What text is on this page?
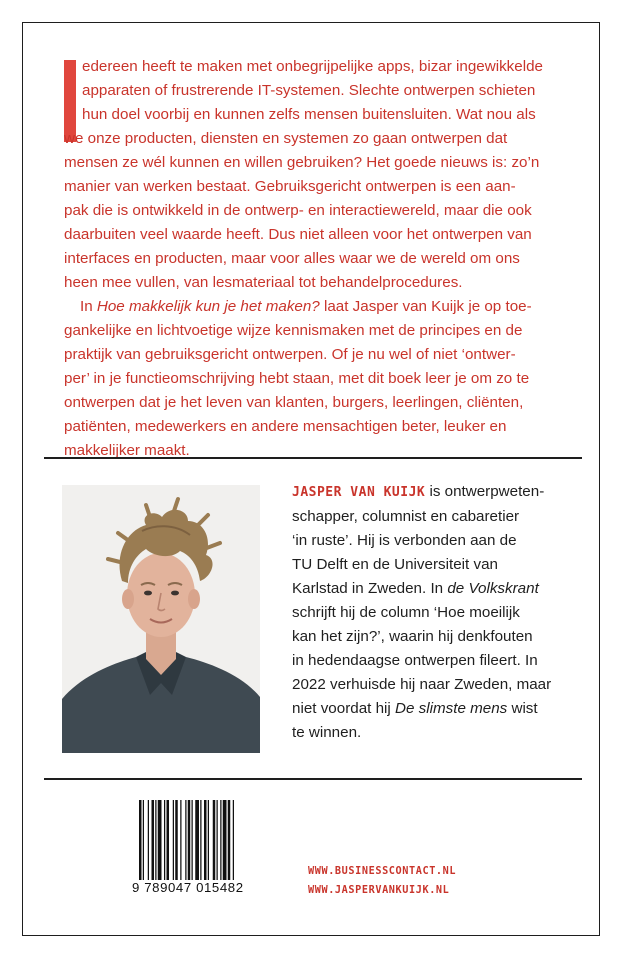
edereen heeft te maken met onbegrijpelijke apps, bizar ingewikkelde

apparaten of frustrerende IT-systemen. Slechte ontwerpen schieten

hun doel voorbij en kunnen zelfs mensen buitensluiten. Wat nou als

we onze producten, diensten en systemen zo gaan ontwerpen dat

mensen ze wél kunnen en willen gebruiken? Het goede nieuws is: zo’n

manier van werken bestaat. Gebruiksgericht ontwerpen is een aan-

pak die is ontwikkeld in de ontwerp- en interactiewereld, maar die ook

daarbuiten veel waarde heeft. Dus niet alleen voor het ontwerpen van

interfaces en producten, maar voor alles waar we de wereld om ons

heen mee vullen, van lesmateriaal tot behandelprocedures.

In Hoe makkelijk kun je het maken? laat Jasper van Kuijk je op toe-

gankelijke en lichtvoetige wijze kennismaken met de principes en de

praktijk van gebruiksgericht ontwerpen. Of je nu wel of niet ‘ontwer-

per’ in je functieomschrijving hebt staan, met dit boek leer je om zo te

ontwerpen dat je het leven van klanten, burgers, leerlingen, cliënten,

patiënten, medewerkers en andere mensachtigen beter, leuker en

makkelijker maakt.

JASPER VAN KUIJK is ontwerpweten-

schapper, columnist en cabaretier

‘in ruste’. Hij is verbonden aan de

TU Delft en de Universiteit van

Karlstad in Zweden. In de Volkskrant

schrijft hij de column ‘Hoe moeilijk

kan het zijn?’, waarin hij denkfouten

in hedendaagse ontwerpen fileert. In

2022 verhuisde hij naar Zweden, maar

niet voordat hij De slimste mens wist

te winnen.

9 789047 015482
WWW.BUSINESSCONTACT.NL
WWW.JASPERVANKUIJK.NL
